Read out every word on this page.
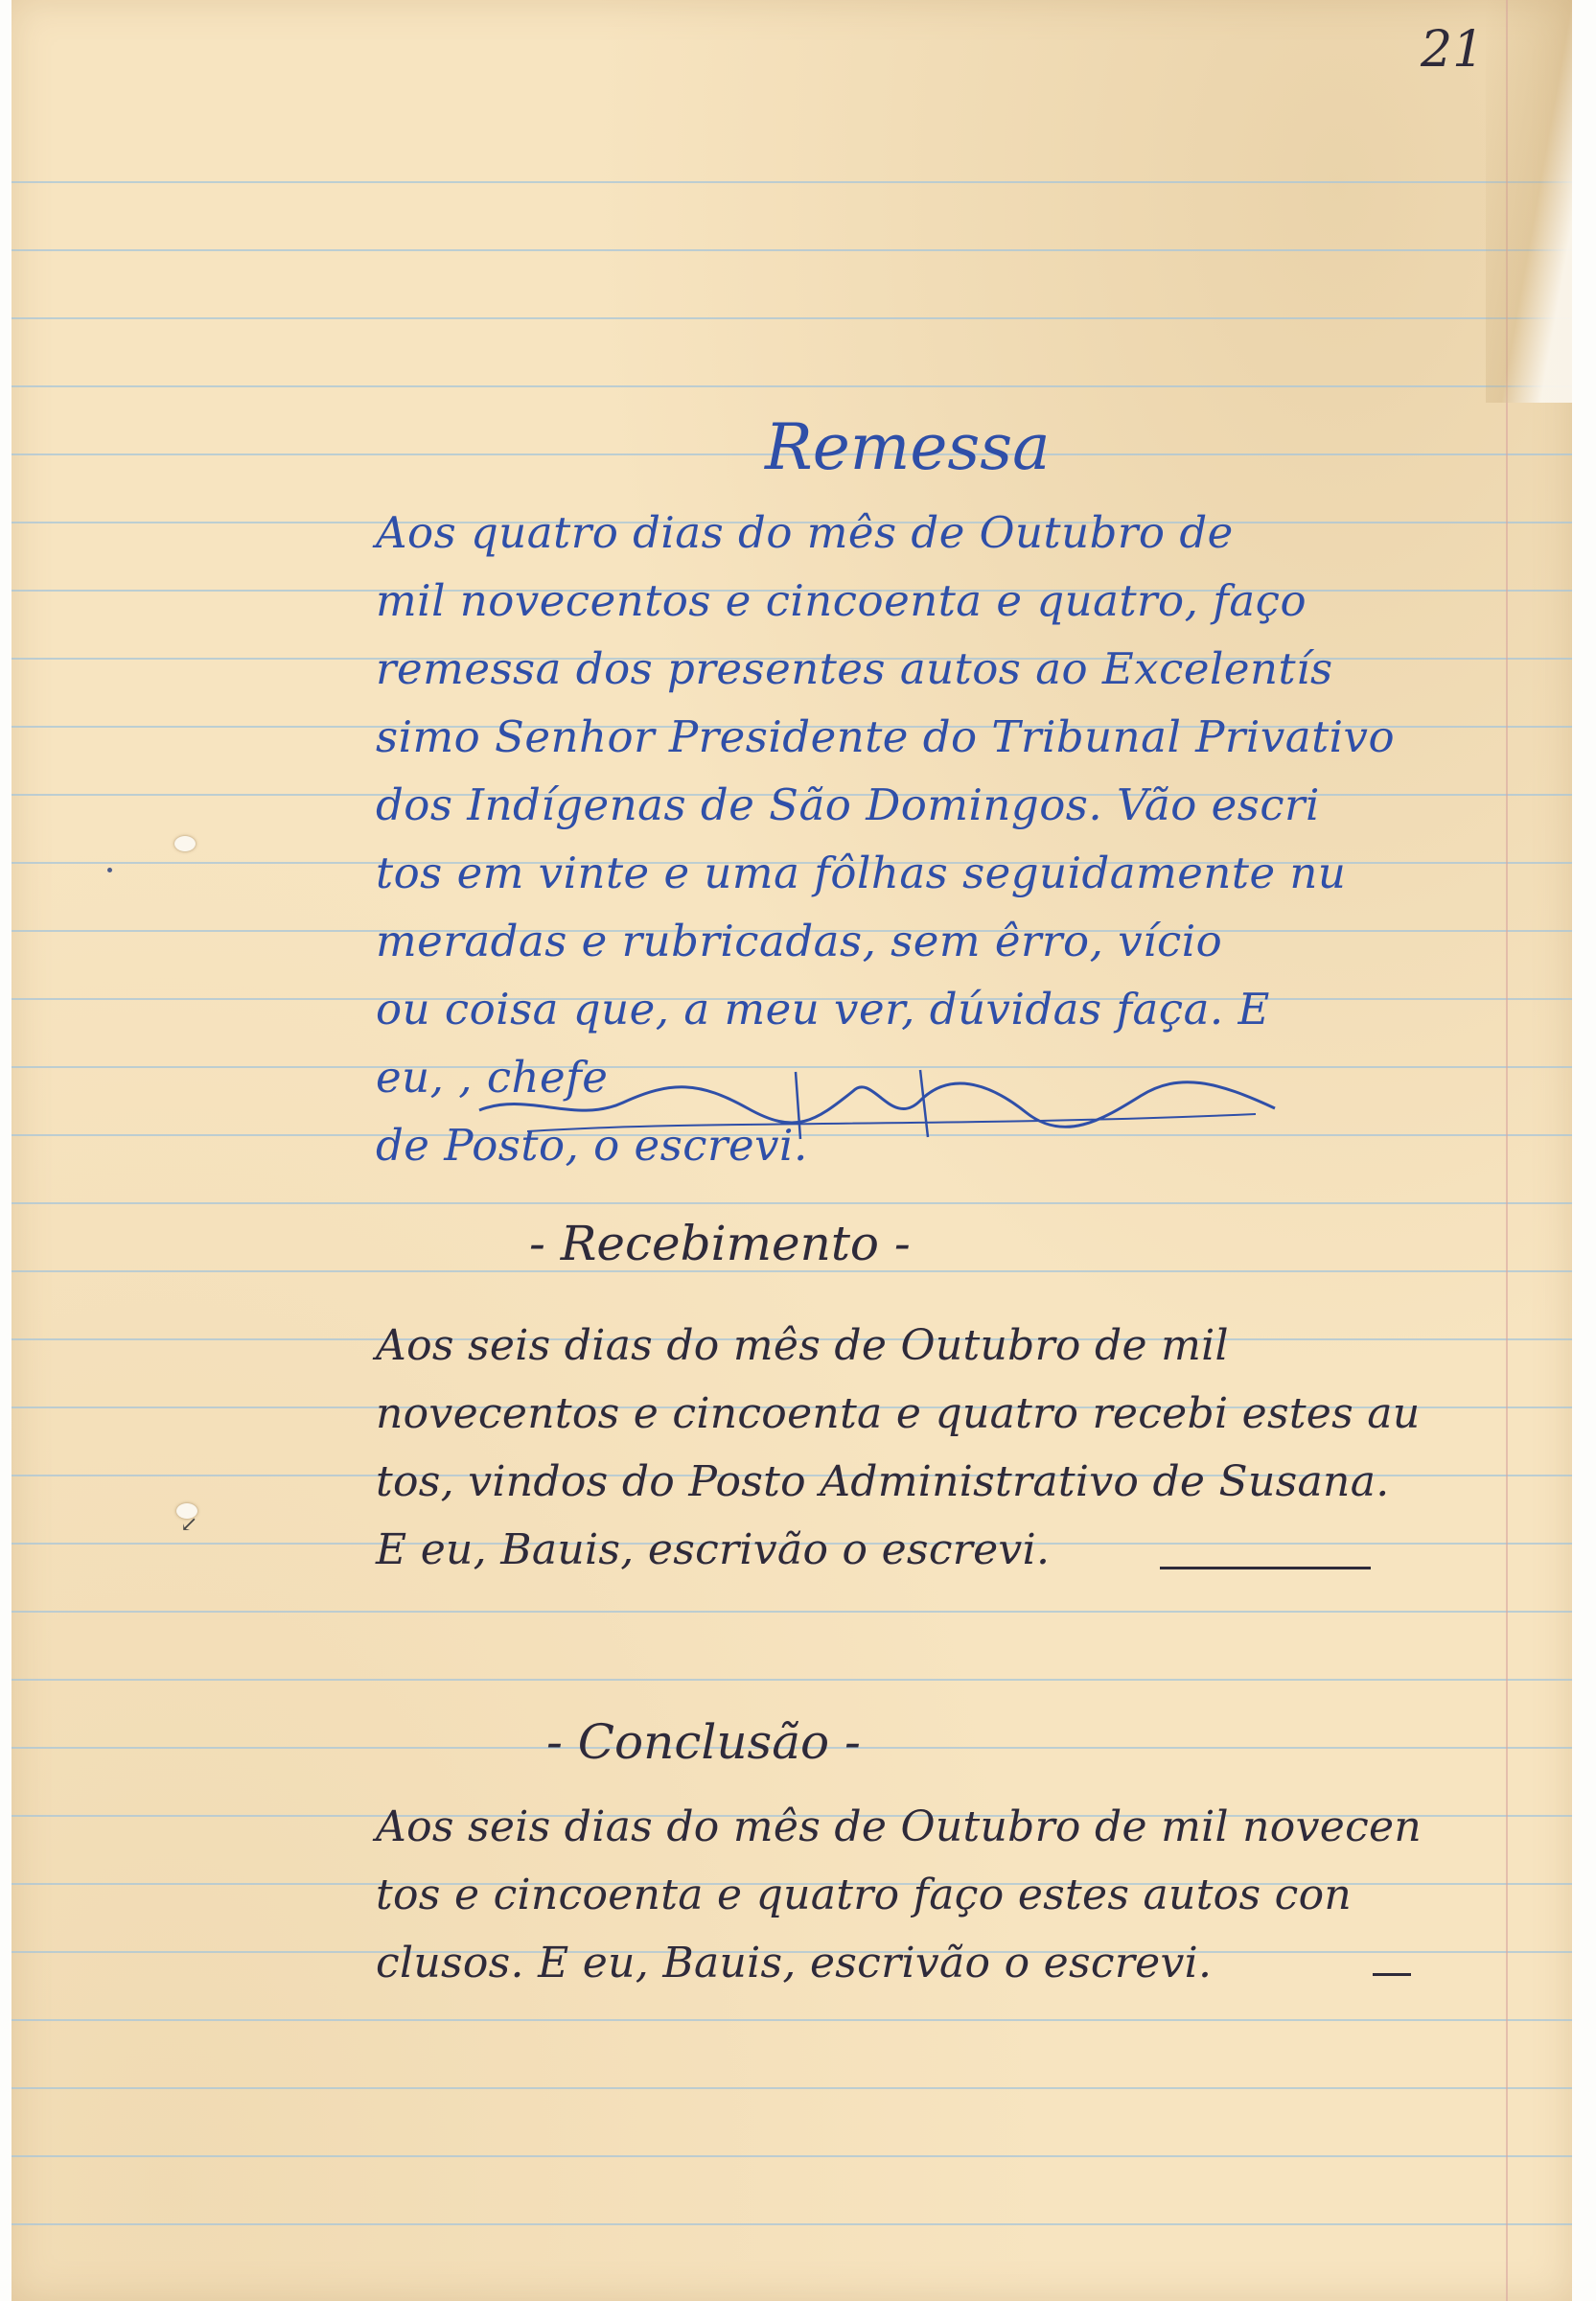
21
↙
Remessa
Aos quatro dias do mês de Outubro de
mil novecentos e cincoenta e quatro, faço
remessa dos presentes autos ao Excelentís
simo Senhor Presidente do Tribunal Privativo
dos Indígenas de São Domingos. Vão escri
tos em vinte e uma fôlhas seguidamente nu
meradas e rubricadas, sem êrro, vício
ou coisa que, a meu ver, dúvidas faça. E
eu, , chefe
de Posto, o escrevi.
- Recebimento -
Aos seis dias do mês de Outubro de mil
novecentos e cincoenta e quatro recebi estes au
tos, vindos do Posto Administrativo de Susana.
E eu, Bauis, escrivão o escrevi.
- Conclusão -
Aos seis dias do mês de Outubro de mil novecen
tos e cincoenta e quatro faço estes autos con
clusos. E eu, Bauis, escrivão o escrevi.
